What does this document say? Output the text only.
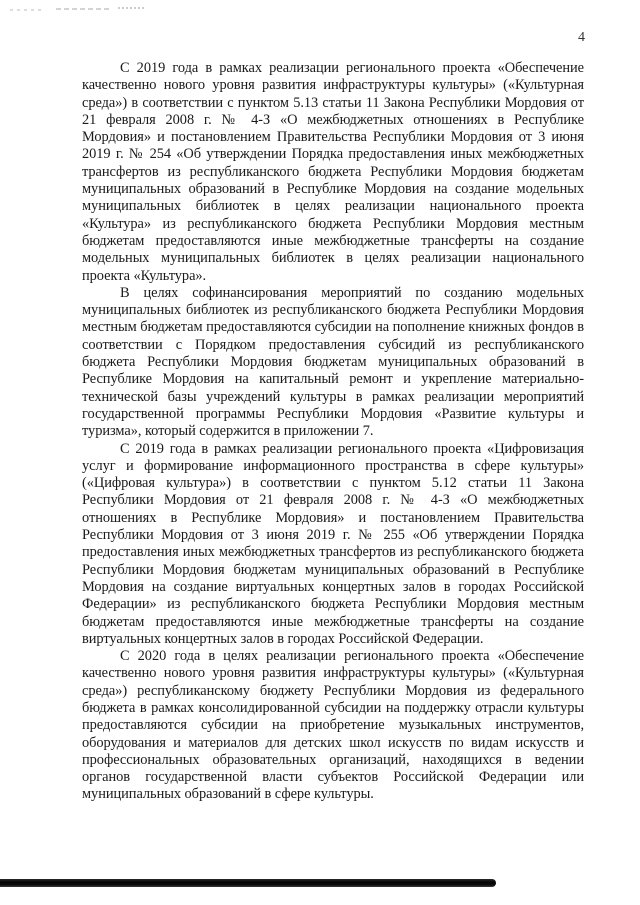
4

С 2019 года в рамках реализации регионального проекта «Обеспечение качественно нового уровня развития инфраструктуры культуры» («Культурная среда») в соответствии с пунктом 5.13 статьи 11 Закона Республики Мордовия от 21 февраля 2008 г. № 4-З «О межбюджетных отношениях в Республике Мордовия» и постановлением Правительства Республики Мордовия от 3 июня 2019 г. № 254 «Об утверждении Порядка предоставления иных межбюджетных трансфертов из республиканского бюджета Республики Мордовия бюджетам муниципальных образований в Республике Мордовия на создание модельных муниципальных библиотек в целях реализации национального проекта «Культура» из республиканского бюджета Республики Мордовия местным бюджетам предоставляются иные межбюджетные трансферты на создание модельных муниципальных библиотек в целях реализации национального проекта «Культура».

В целях софинансирования мероприятий по созданию модельных муниципальных библиотек из республиканского бюджета Республики Мордовия местным бюджетам предоставляются субсидии на пополнение книжных фондов в соответствии с Порядком предоставления субсидий из республиканского бюджета Республики Мордовия бюджетам муниципальных образований в Республике Мордовия на капитальный ремонт и укрепление материально-технической базы учреждений культуры в рамках реализации мероприятий государственной программы Республики Мордовия «Развитие культуры и туризма», который содержится в приложении 7.

С 2019 года в рамках реализации регионального проекта «Цифровизация услуг и формирование информационного пространства в сфере культуры» («Цифровая культура») в соответствии с пунктом 5.12 статьи 11 Закона Республики Мордовия от 21 февраля 2008 г. № 4-З «О межбюджетных отношениях в Республике Мордовия» и постановлением Правительства Республики Мордовия от 3 июня 2019 г. № 255 «Об утверждении Порядка предоставления иных межбюджетных трансфертов из республиканского бюджета Республики Мордовия бюджетам муниципальных образований в Республике Мордовия на создание виртуальных концертных залов в городах Российской Федерации» из республиканского бюджета Республики Мордовия местным бюджетам предоставляются иные межбюджетные трансферты на создание виртуальных концертных залов в городах Российской Федерации.

С 2020 года в целях реализации регионального проекта «Обеспечение качественно нового уровня развития инфраструктуры культуры» («Культурная среда») республиканскому бюджету Республики Мордовия из федерального бюджета в рамках консолидированной субсидии на поддержку отрасли культуры предоставляются субсидии на приобретение музыкальных инструментов, оборудования и материалов для детских школ искусств по видам искусств и профессиональных образовательных организаций, находящихся в ведении органов государственной власти субъектов Российской Федерации или муниципальных образований в сфере культуры.
